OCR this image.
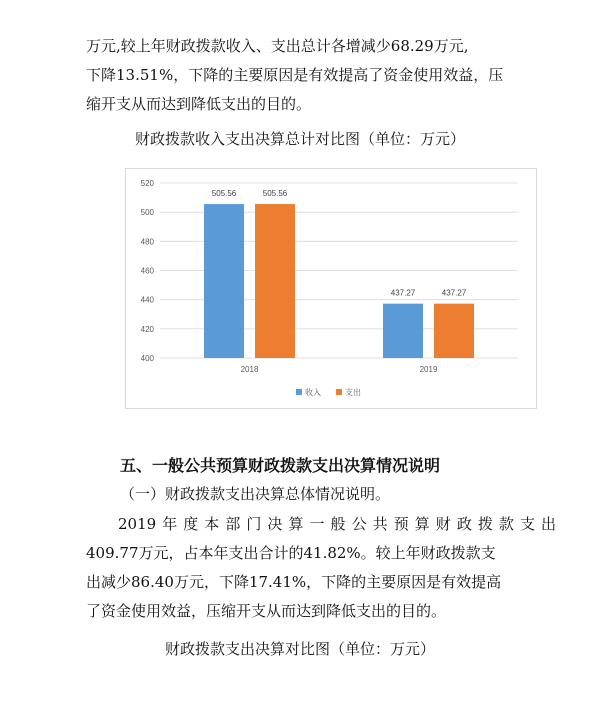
万元,较上年财政拨款收入、支出总计各增减少68.29万元,
下降13.51%，下降的主要原因是有效提高了资金使用效益，压
缩开支从而达到降低支出的目的。
财政拨款收入支出决算总计对比图（单位：万元）
400
420
440
460
480
500
520
505.56	505.56
437.27	437.27
2018	2019
收入	支出
五、一般公共预算财政拨款支出决算情况说明
（一）财政拨款支出决算总体情况说明。
2019年度本部门决算一般公共预算财政拨款支出
409.77万元，占本年支出合计的41.82%。较上年财政拨款支
出减少86.40万元，下降17.41%，下降的主要原因是有效提高
了资金使用效益，压缩开支从而达到降低支出的目的。
财政拨款支出决算对比图（单位：万元）
